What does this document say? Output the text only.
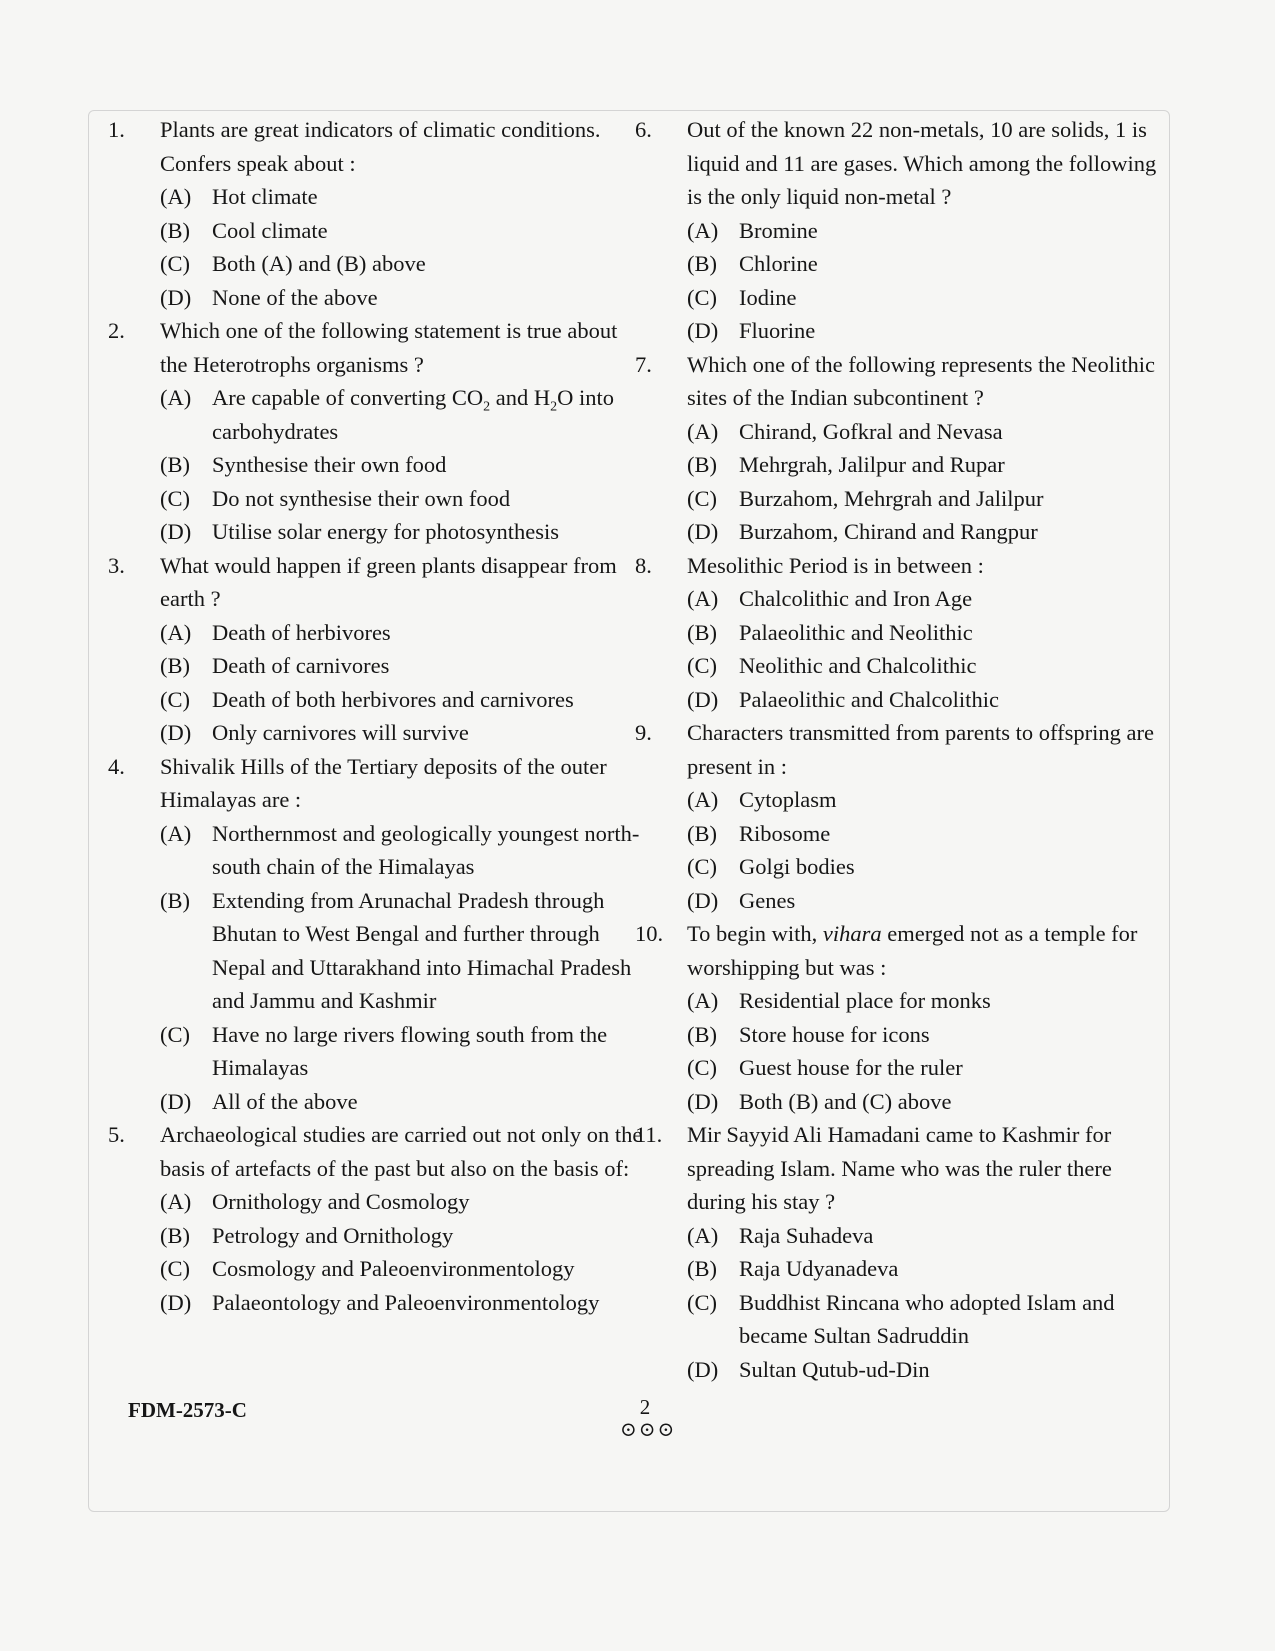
1.	Plants are great indicators of climatic conditions. Confers speak about :
(A) Hot climate
(B) Cool climate
(C) Both (A) and (B) above
(D) None of the above
2.	Which one of the following statement is true about the Heterotrophs organisms ?
(A) Are capable of converting $CO_2$ and $H_2O$ into carbohydrates
(B) Synthesise their own food
(C) Do not synthesise their own food
(D) Utilise solar energy for photosynthesis
3.	What would happen if green plants disappear from earth ?
(A) Death of herbivores
(B) Death of carnivores
(C) Death of both herbivores and carnivores
(D) Only carnivores will survive
4.	Shivalik Hills of the Tertiary deposits of the outer Himalayas are :
(A) Northernmost and geologically youngest north-south chain of the Himalayas
(B) Extending from Arunachal Pradesh through Bhutan to West Bengal and further through Nepal and Uttarakhand into Himachal Pradesh and Jammu and Kashmir
(C) Have no large rivers flowing south from the Himalayas
(D) All of the above
5.	Archaeological studies are carried out not only on the basis of artefacts of the past but also on the basis of:
(A) Ornithology and Cosmology
(B) Petrology and Ornithology
(C) Cosmology and Paleoenvironmentology
(D) Palaeontology and Paleoenvironmentology
6.	Out of the known 22 non-metals, 10 are solids, 1 is liquid and 11 are gases. Which among the following is the only liquid non-metal ?
(A) Bromine
(B) Chlorine
(C) Iodine
(D) Fluorine
7.	Which one of the following represents the Neolithic sites of the Indian subcontinent ?
(A) Chirand, Gofkral and Nevasa
(B) Mehrgrah, Jalilpur and Rupar
(C) Burzahom, Mehrgrah and Jalilpur
(D) Burzahom, Chirand and Rangpur
8.	Mesolithic Period is in between :
(A) Chalcolithic and Iron Age
(B) Palaeolithic and Neolithic
(C) Neolithic and Chalcolithic
(D) Palaeolithic and Chalcolithic
9.	Characters transmitted from parents to offspring are present in :
(A) Cytoplasm
(B) Ribosome
(C) Golgi bodies
(D) Genes
10.	To begin with, vihara emerged not as a temple for worshipping but was :
(A) Residential place for monks
(B) Store house for icons
(C) Guest house for the ruler
(D) Both (B) and (C) above
11.	Mir Sayyid Ali Hamadani came to Kashmir for spreading Islam. Name who was the ruler there during his stay ?
(A) Raja Suhadeva
(B) Raja Udyanadeva
(C) Buddhist Rincana who adopted Islam and became Sultan Sadruddin
(D) Sultan Qutub-ud-Din
FDM-2573-C	2
⊙⊙⊙
